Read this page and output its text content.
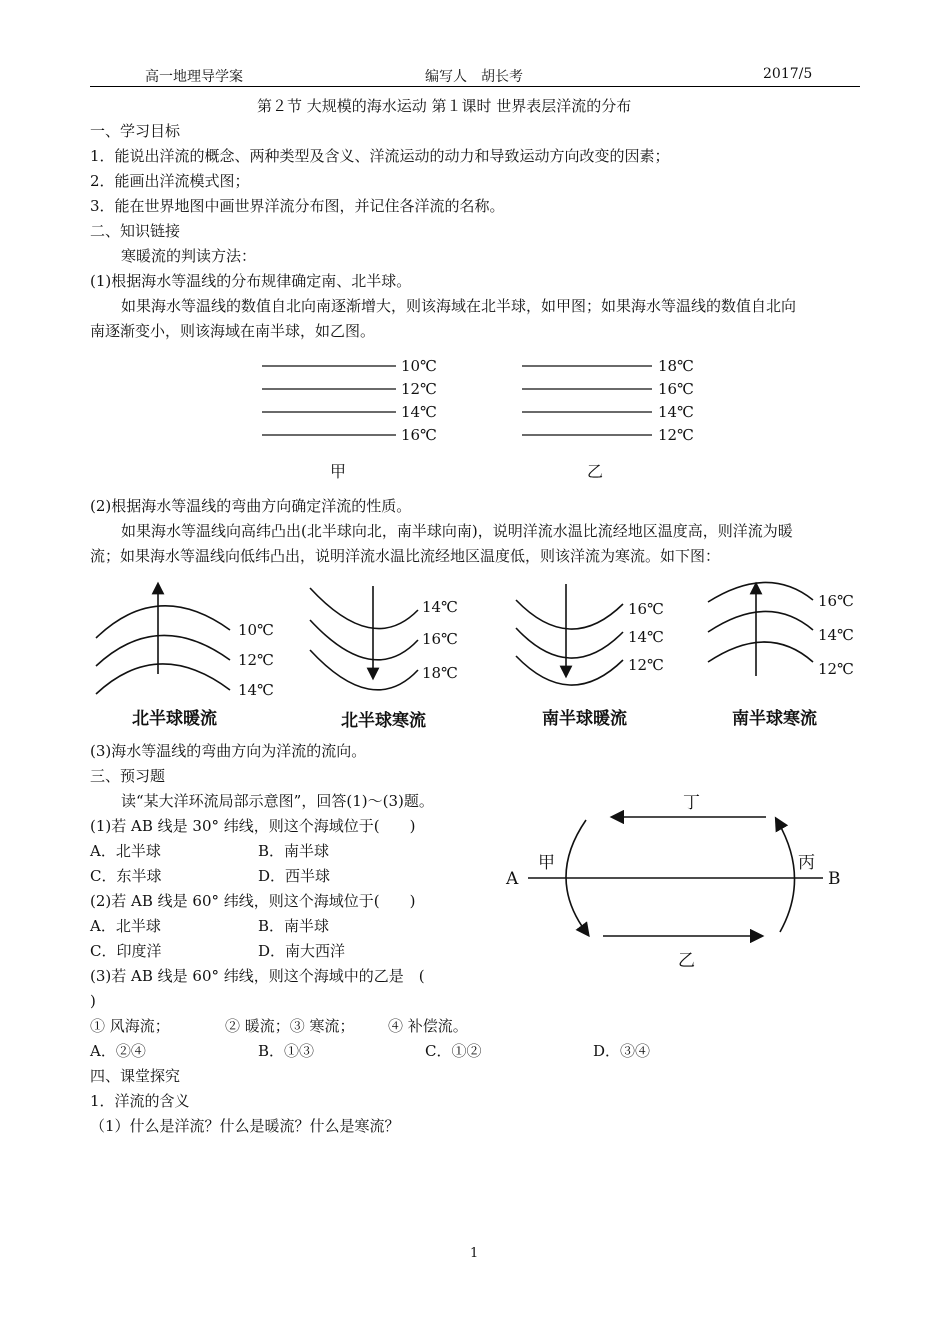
高一地理导学案	编写人　胡长考	2017/5
第２节 大规模的海水运动 第１课时 世界表层洋流的分布
一、学习目标
1．能说出洋流的概念、两种类型及含义、洋流运动的动力和导致运动方向改变的因素；
2．能画出洋流模式图；
3．能在世界地图中画世界洋流分布图，并记住各洋流的名称。
二、知识链接
寒暖流的判读方法：
(1)根据海水等温线的分布规律确定南、北半球。
如果海水等温线的数值自北向南逐渐增大，则该海域在北半球，如甲图；如果海水等温线的数值自北向
南逐渐变小，则该海域在南半球，如乙图。
10℃
12℃
14℃
16℃
18℃
16℃
14℃
12℃
甲	乙
(2)根据海水等温线的弯曲方向确定洋流的性质。
如果海水等温线向高纬凸出(北半球向北，南半球向南)，说明洋流水温比流经地区温度高，则洋流为暖
流；如果海水等温线向低纬凸出，说明洋流水温比流经地区温度低，则该洋流为寒流。如下图：
10℃
12℃
14℃
14℃
16℃
18℃
16℃
14℃
12℃
16℃
14℃
12℃
北半球暖流	北半球寒流	南半球暖流	南半球寒流
(3)海水等温线的弯曲方向为洋流的流向。
三、预习题
读“某大洋环流局部示意图”，回答(1)～(3)题。
(1)若 AB 线是 30° 纬线，则这个海域位于(　　)
A．北半球	B．南半球
C．东半球	D．西半球
(2)若 AB 线是 60° 纬线，则这个海域位于(　　)
A．北半球	B．南半球
C．印度洋	D．南大西洋
(3)若 AB 线是 60° 纬线，则这个海域中的乙是　(
)
① 风海流；	② 暖流；③ 寒流； ④ 补偿流。
A．②④	B．①③	C．①②	D．③④
丁
甲	丙
乙
A	B
四、课堂探究
1．洋流的含义
（1）什么是洋流？什么是暖流？什么是寒流？
1
